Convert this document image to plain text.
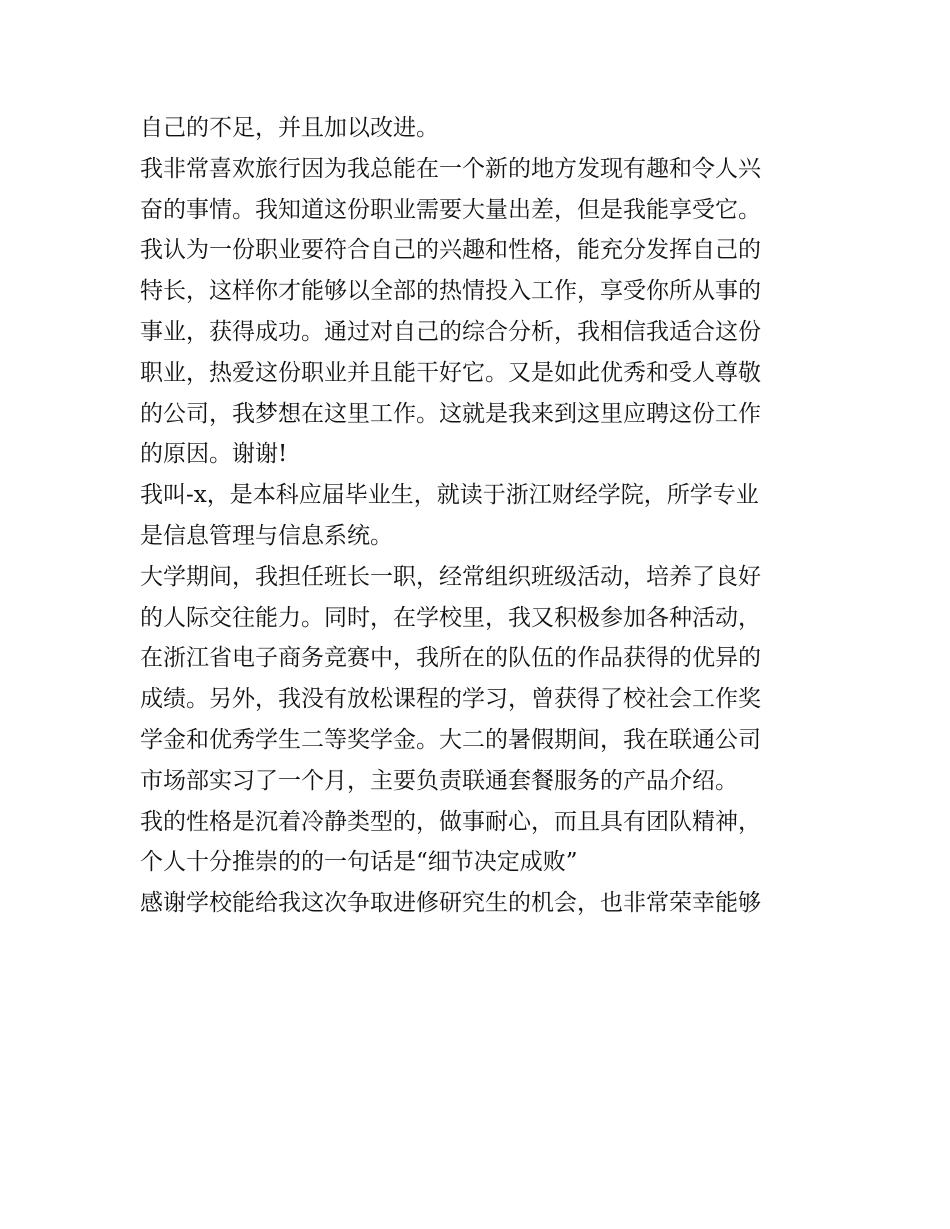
自己的不足，并且加以改进。
我非常喜欢旅行因为我总能在一个新的地方发现有趣和令人兴
奋的事情。我知道这份职业需要大量出差，但是我能享受它。
我认为一份职业要符合自己的兴趣和性格，能充分发挥自己的
特长，这样你才能够以全部的热情投入工作，享受你所从事的
事业，获得成功。通过对自己的综合分析，我相信我适合这份
职业，热爱这份职业并且能干好它。又是如此优秀和受人尊敬
的公司，我梦想在这里工作。这就是我来到这里应聘这份工作
的原因。谢谢!
我叫-x，是本科应届毕业生，就读于浙江财经学院，所学专业
是信息管理与信息系统。
大学期间，我担任班长一职，经常组织班级活动，培养了良好
的人际交往能力。同时，在学校里，我又积极参加各种活动，
在浙江省电子商务竞赛中，我所在的队伍的作品获得的优异的
成绩。另外，我没有放松课程的学习，曾获得了校社会工作奖
学金和优秀学生二等奖学金。大二的暑假期间，我在联通公司
市场部实习了一个月，主要负责联通套餐服务的产品介绍。
我的性格是沉着冷静类型的，做事耐心，而且具有团队精神，
个人十分推崇的的一句话是“细节决定成败”
感谢学校能给我这次争取进修研究生的机会，也非常荣幸能够
